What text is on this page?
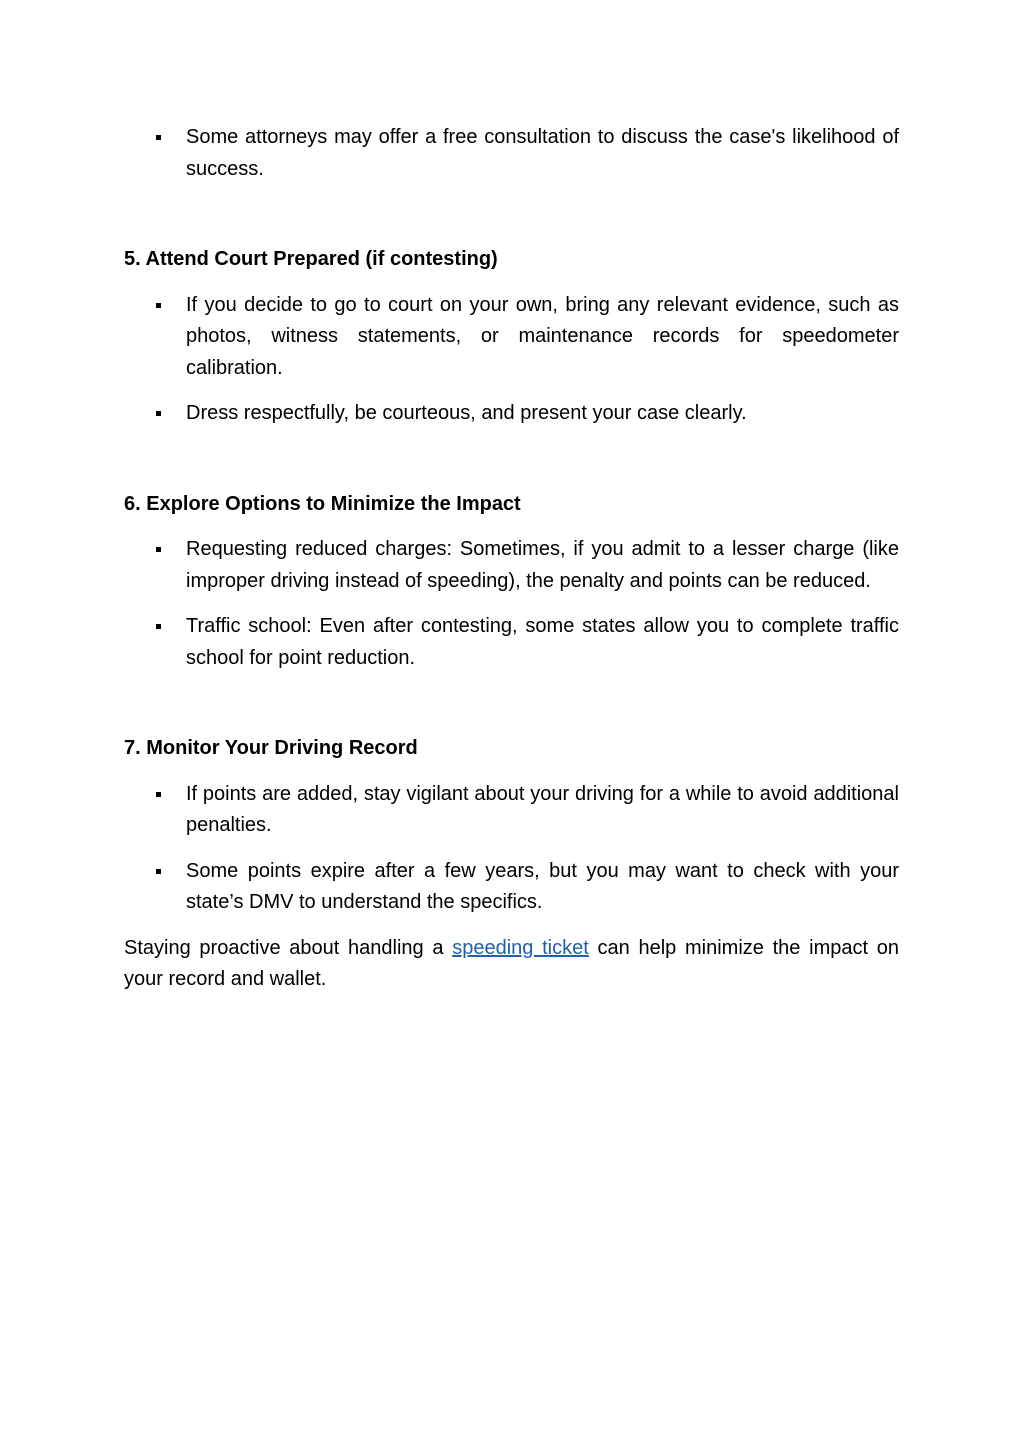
Some attorneys may offer a free consultation to discuss the case's likelihood of success.
5. Attend Court Prepared (if contesting)
If you decide to go to court on your own, bring any relevant evidence, such as photos, witness statements, or maintenance records for speedometer calibration.
Dress respectfully, be courteous, and present your case clearly.
6. Explore Options to Minimize the Impact
Requesting reduced charges: Sometimes, if you admit to a lesser charge (like improper driving instead of speeding), the penalty and points can be reduced.
Traffic school: Even after contesting, some states allow you to complete traffic school for point reduction.
7. Monitor Your Driving Record
If points are added, stay vigilant about your driving for a while to avoid additional penalties.
Some points expire after a few years, but you may want to check with your state’s DMV to understand the specifics.

Staying proactive about handling a speeding ticket can help minimize the impact on your record and wallet.
